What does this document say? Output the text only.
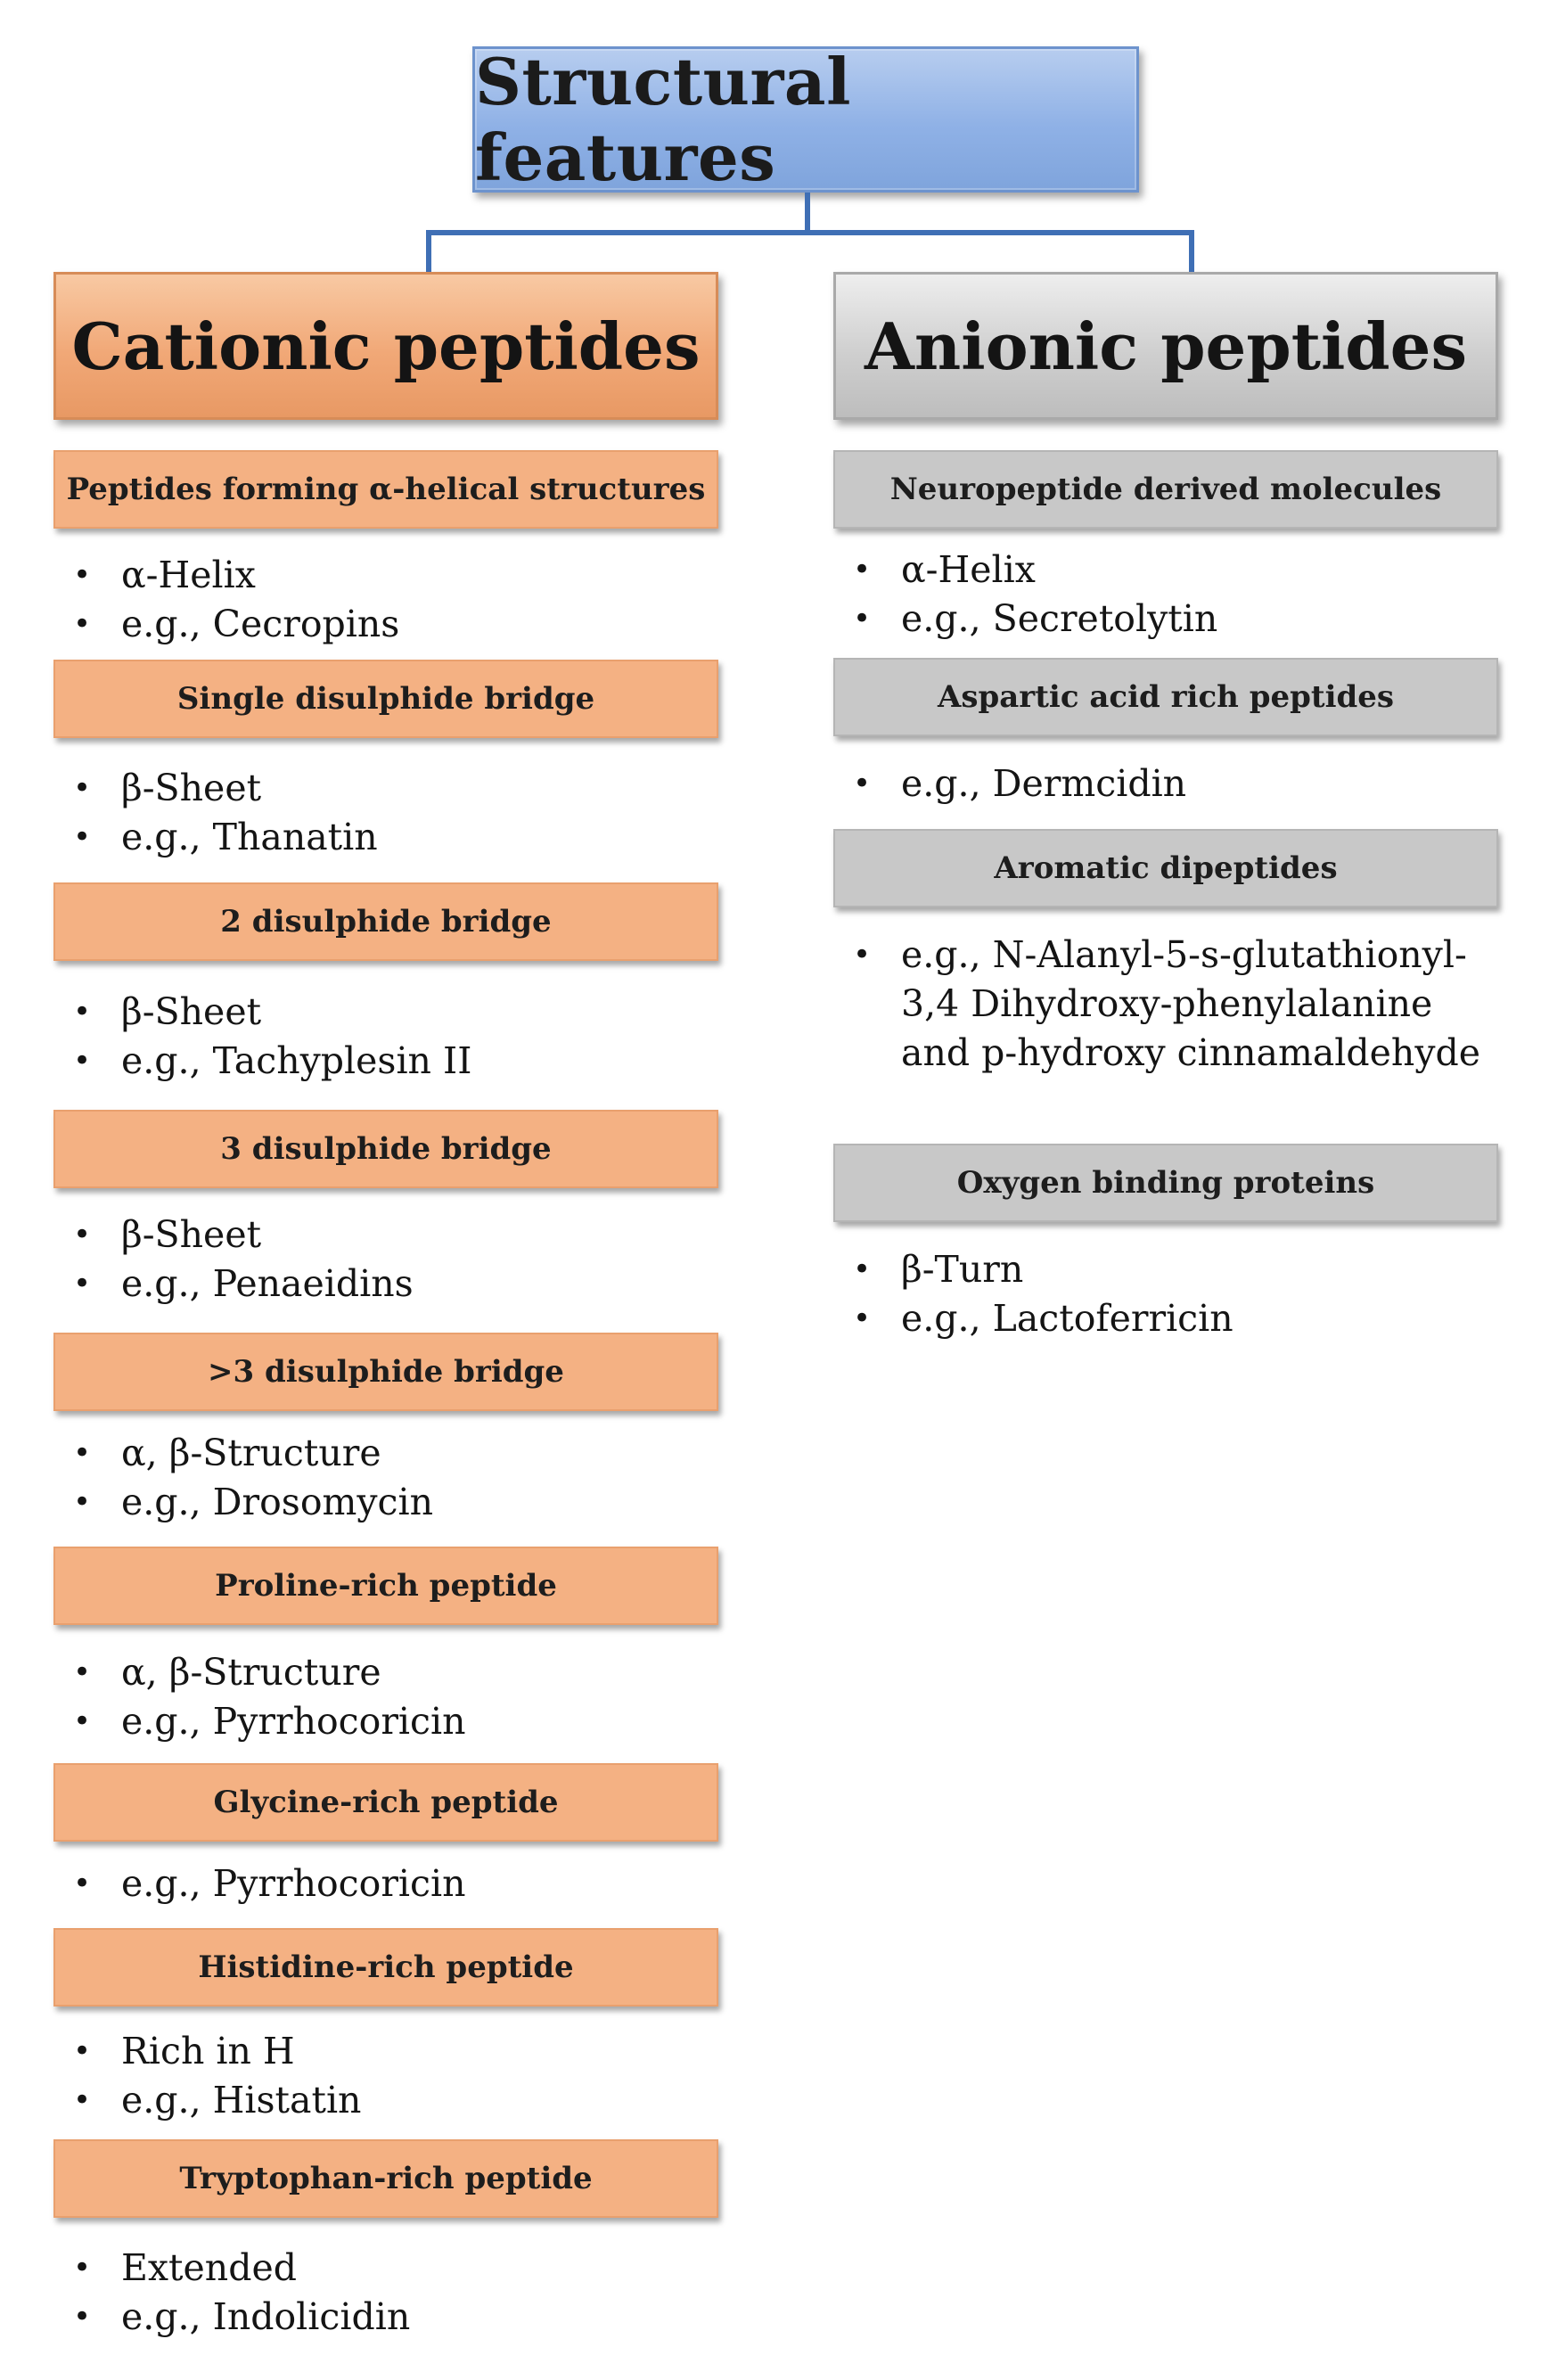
Structural features
Cationic peptides	Anionic peptides
Peptides forming α-helical structures
• α-Helix
• e.g., Cecropins
Single disulphide bridge
• β-Sheet
• e.g., Thanatin
2 disulphide bridge
• β-Sheet
• e.g., Tachyplesin II
3 disulphide bridge
• β-Sheet
• e.g., Penaeidins
>3 disulphide bridge
• α, β-Structure
• e.g., Drosomycin
Proline-rich peptide
• α, β-Structure
• e.g., Pyrrhocoricin
Glycine-rich peptide
• e.g., Pyrrhocoricin
Histidine-rich peptide
• Rich in H
• e.g., Histatin
Tryptophan-rich peptide
• Extended
• e.g., Indolicidin
Neuropeptide derived molecules
• α-Helix
• e.g., Secretolytin
Aspartic acid rich peptides
• e.g., Dermcidin
Aromatic dipeptides
• e.g., N-Alanyl-5-s-glutathionyl-3,4 Dihydroxy-phenylalanine and p-hydroxy cinnamaldehyde
Oxygen binding proteins
• β-Turn
• e.g., Lactoferricin
